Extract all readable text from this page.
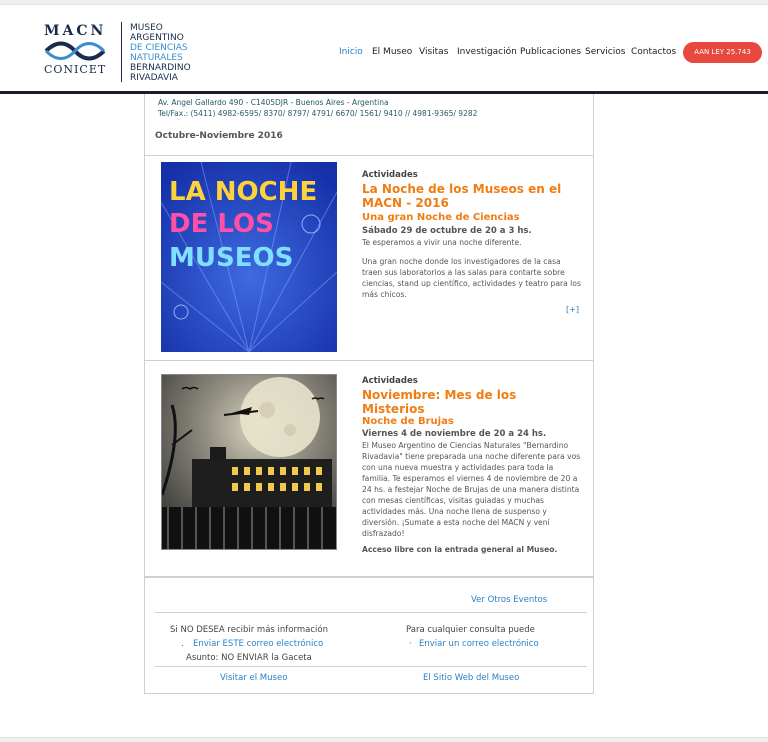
MACN
CONICET
MUSEO
ARGENTINO
DE CIENCIAS
NATURALES
BERNARDINO
RIVADAVIA
Inicio El Museo Visitas Investigación Publicaciones Servicios Contactos	AAN LEY 25.743
Av. Angel Gallardo 490 - C1405DJR - Buenos Aires - Argentina
Tel/Fax.: (5411) 4982-6595/ 8370/ 8797/ 4791/ 6670/ 1561/ 9410 // 4981-9365/ 9282
Octubre-Noviembre 2016
LA NOCHE
DE LOS
MUSEOS
Actividades
La Noche de los Museos en el MACN - 2016
Una gran Noche de Ciencias
Sábado 29 de octubre de 20 a 3 hs.
Te esperamos a vivir una noche diferente.
Una gran noche donde los investigadores de la casa traen sus laboratorios a las salas para contarte sobre ciencias, stand up científico, actividades y teatro para los más chicos.
[+]
Actividades
Noviembre: Mes de los Misterios
Noche de Brujas
Viernes 4 de noviembre de 20 a 24 hs.
El Museo Argentino de Ciencias Naturales "Bernardino Rivadavia" tiene preparada una noche diferente para vos con una nueva muestra y actividades para toda la familia. Te esperamos el viernes 4 de noviembre de 20 a 24 hs. a festejar Noche de Brujas de una manera distinta con mesas científicas, visitas guiadas y muchas actividades más. Una noche llena de suspenso y diversión. ¡Sumate a esta noche del MACN y vení disfrazado!
Acceso libre con la entrada general al Museo.
Ver Otros Eventos
Si NO DESEA recibir más información
. Enviar ESTE correo electrónico
Asunto: NO ENVIAR la Gaceta
Para cualquier consulta puede
· Enviar un correo electrónico
Visitar el Museo	El Sitio Web del Museo
